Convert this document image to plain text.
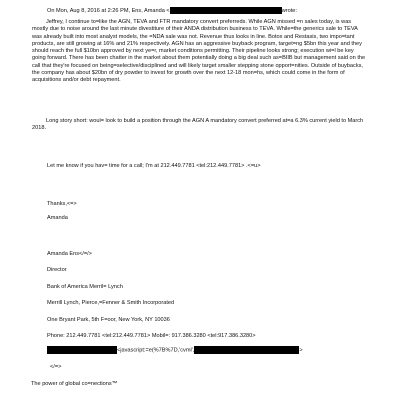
On Mon, Aug 8, 2016 at 2:26 PM, Ens, Amanda <	wrote:
Jeffrey, I continue to=like the AGN, TEVA and FTR mandatory convert preferreds. While AGN missed =n sales today, is was mostly due to noise around the last minute divestiture of their ANDA distribution business to TEVA. While=the generics sale to TEVA was already built into most analyst models, the =NDA sale was not. Revenue thus looks in line. Botox and Restasis, two impo=tant products, are still growing at 16% and 21% respectively. AGN has an aggressive buyback program, target=ng $5bn this year and they should reach the full $10bn approved by next ye=r, market conditions permitting. Their pipeline looks strong; execution wi=l be key going forward. There has been chatter in the market about them potentially doing a big deal such as=BIIB but management said on the call that they're focused on being=selective/disciplined and will likely target smaller stepping stone opport=nities. Outside of buybacks, the company has about $20bn of dry powder to invest for growth over the next 12-18 mon=hs, which could come in the form of acquisitions and/or debt repayment.
Long story short: woul= look to build a position through the AGN A mandatory convert preferred at=a 6.3% current yield to March 2018.
Let me know if you hav= time for a call; I'm at 212.449.7781 <tel:212.449.7781> .<=u>
Thanks,<=>
Amanda
Amanda Ens</=/>
Director
Bank of America Merril= Lynch
Merrill Lynch, Pierce,=Fenner & Smith Incorporated
One Bryant Park, 5th F=oor, New York, NY 10036
Phone: 212.449.7781 <tel:212.449.7781> Mobil=: 917.386.3280 <tel:917.386.3280>
<javascript:=e(%7B%7D,'cvml',	>
</=>
The power of global co=nections™
